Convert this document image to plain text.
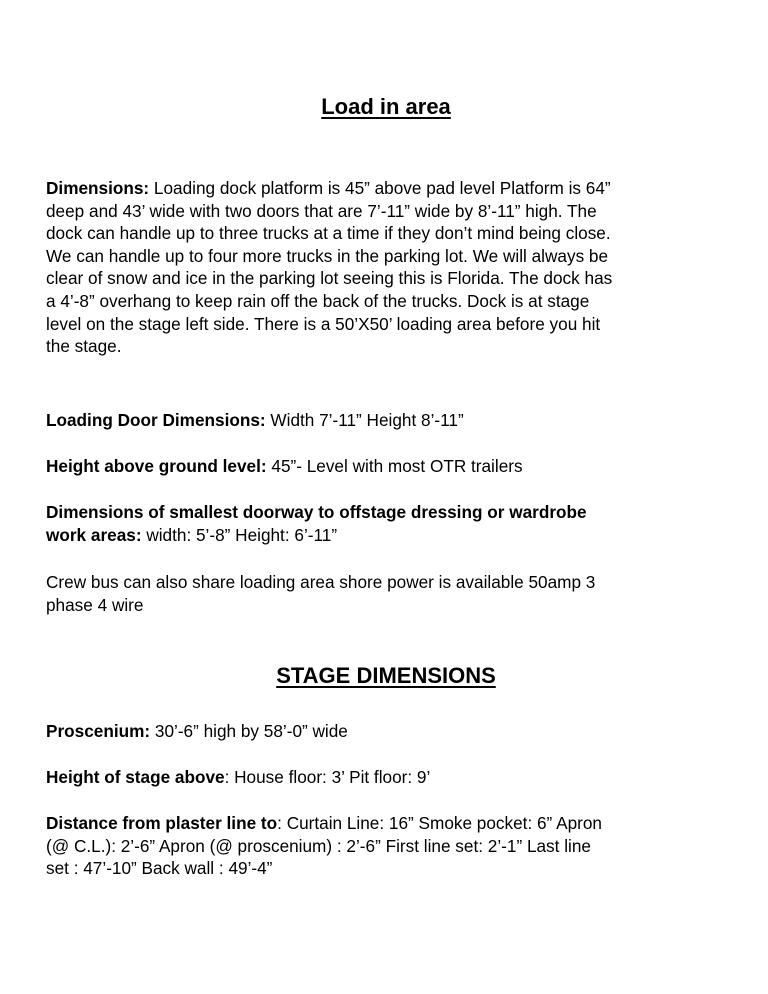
Load in area
Dimensions: Loading dock platform is 45” above pad level Platform is 64”
deep and 43’ wide with two doors that are 7’-11” wide by 8’-11” high. The
dock can handle up to three trucks at a time if they don’t mind being close.
We can handle up to four more trucks in the parking lot. We will always be
clear of snow and ice in the parking lot seeing this is Florida. The dock has
a 4’-8” overhang to keep rain off the back of the trucks. Dock is at stage
level on the stage left side. There is a 50’X50’ loading area before you hit
the stage.
Loading Door Dimensions: Width 7’-11” Height 8’-11”
Height above ground level: 45”- Level with most OTR trailers
Dimensions of smallest doorway to offstage dressing or wardrobe
work areas: width: 5’-8” Height: 6’-11”
Crew bus can also share loading area shore power is available 50amp 3
phase 4 wire
STAGE DIMENSIONS
Proscenium: 30’-6” high by 58’-0” wide
Height of stage above: House floor: 3’ Pit floor: 9’
Distance from plaster line to: Curtain Line: 16” Smoke pocket: 6” Apron
(@ C.L.): 2’-6” Apron (@ proscenium) : 2’-6” First line set: 2’-1” Last line
set : 47’-10” Back wall : 49’-4”
